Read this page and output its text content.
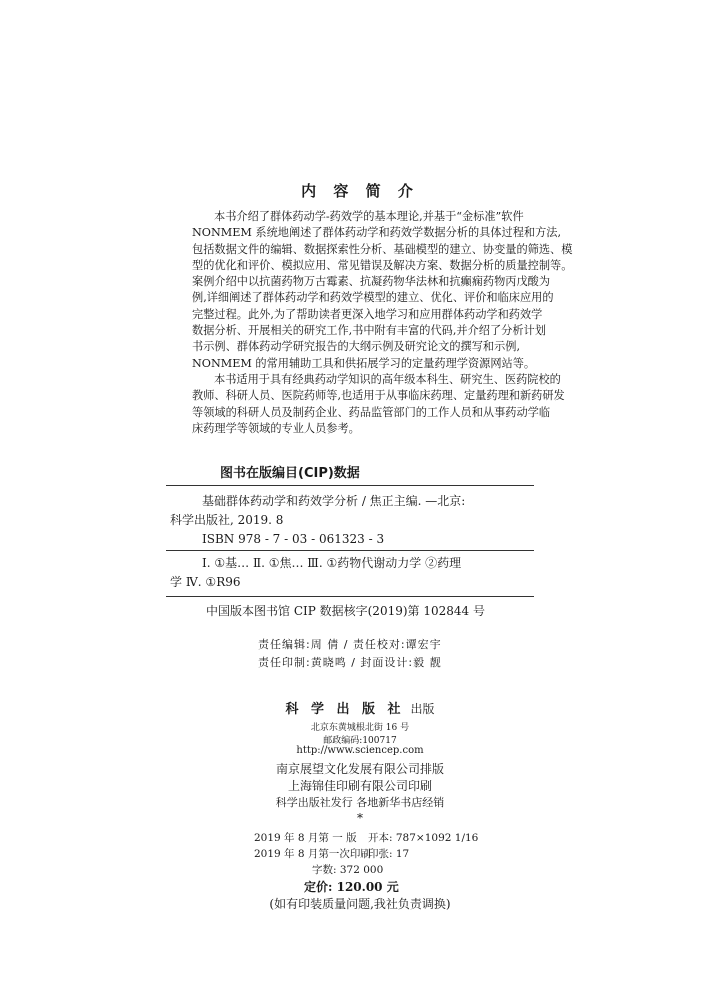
内 容 简 介
本书介绍了群体药动学-药效学的基本理论,并基于“金标准”软件
NONMEM 系统地阐述了群体药动学和药效学数据分析的具体过程和方法,
包括数据文件的编辑、数据探索性分析、基础模型的建立、协变量的筛选、模
型的优化和评价、模拟应用、常见错误及解决方案、数据分析的质量控制等。
案例介绍中以抗菌药物万古霉素、抗凝药物华法林和抗癫痫药物丙戊酸为
例,详细阐述了群体药动学和药效学模型的建立、优化、评价和临床应用的
完整过程。此外,为了帮助读者更深入地学习和应用群体药动学和药效学
数据分析、开展相关的研究工作,书中附有丰富的代码,并介绍了分析计划
书示例、群体药动学研究报告的大纲示例及研究论文的撰写和示例,
NONMEM 的常用辅助工具和供拓展学习的定量药理学资源网站等。
本书适用于具有经典药动学知识的高年级本科生、研究生、医药院校的
教师、科研人员、医院药师等,也适用于从事临床药理、定量药理和新药研发
等领域的科研人员及制药企业、药品监管部门的工作人员和从事药动学临
床药理学等领域的专业人员参考。
图书在版编目(CIP)数据
基础群体药动学和药效学分析 / 焦正主编. —北京:
科学出版社, 2019. 8
ISBN 978 - 7 - 03 - 061323 - 3
Ⅰ. ①基… Ⅱ. ①焦… Ⅲ. ①药物代谢动力学 ②药理
学 Ⅳ. ①R96
中国版本图书馆 CIP 数据核字(2019)第 102844 号
责任编辑:周 倩 / 责任校对:谭宏宇
责任印制:黄晓鸣 / 封面设计:毅 靓
科 学 出 版 社 出版
北京东黄城根北街 16 号
邮政编码:100717
http://www.sciencep.com
南京展望文化发展有限公司排版
上海锦佳印刷有限公司印刷
科学出版社发行 各地新华书店经销
*
2019 年 8 月第 一 版 开本: 787×1092 1/16
2019 年 8 月第一次印刷
印张: 17
字数: 372 000
定价: 120.00 元
(如有印装质量问题,我社负责调换)
